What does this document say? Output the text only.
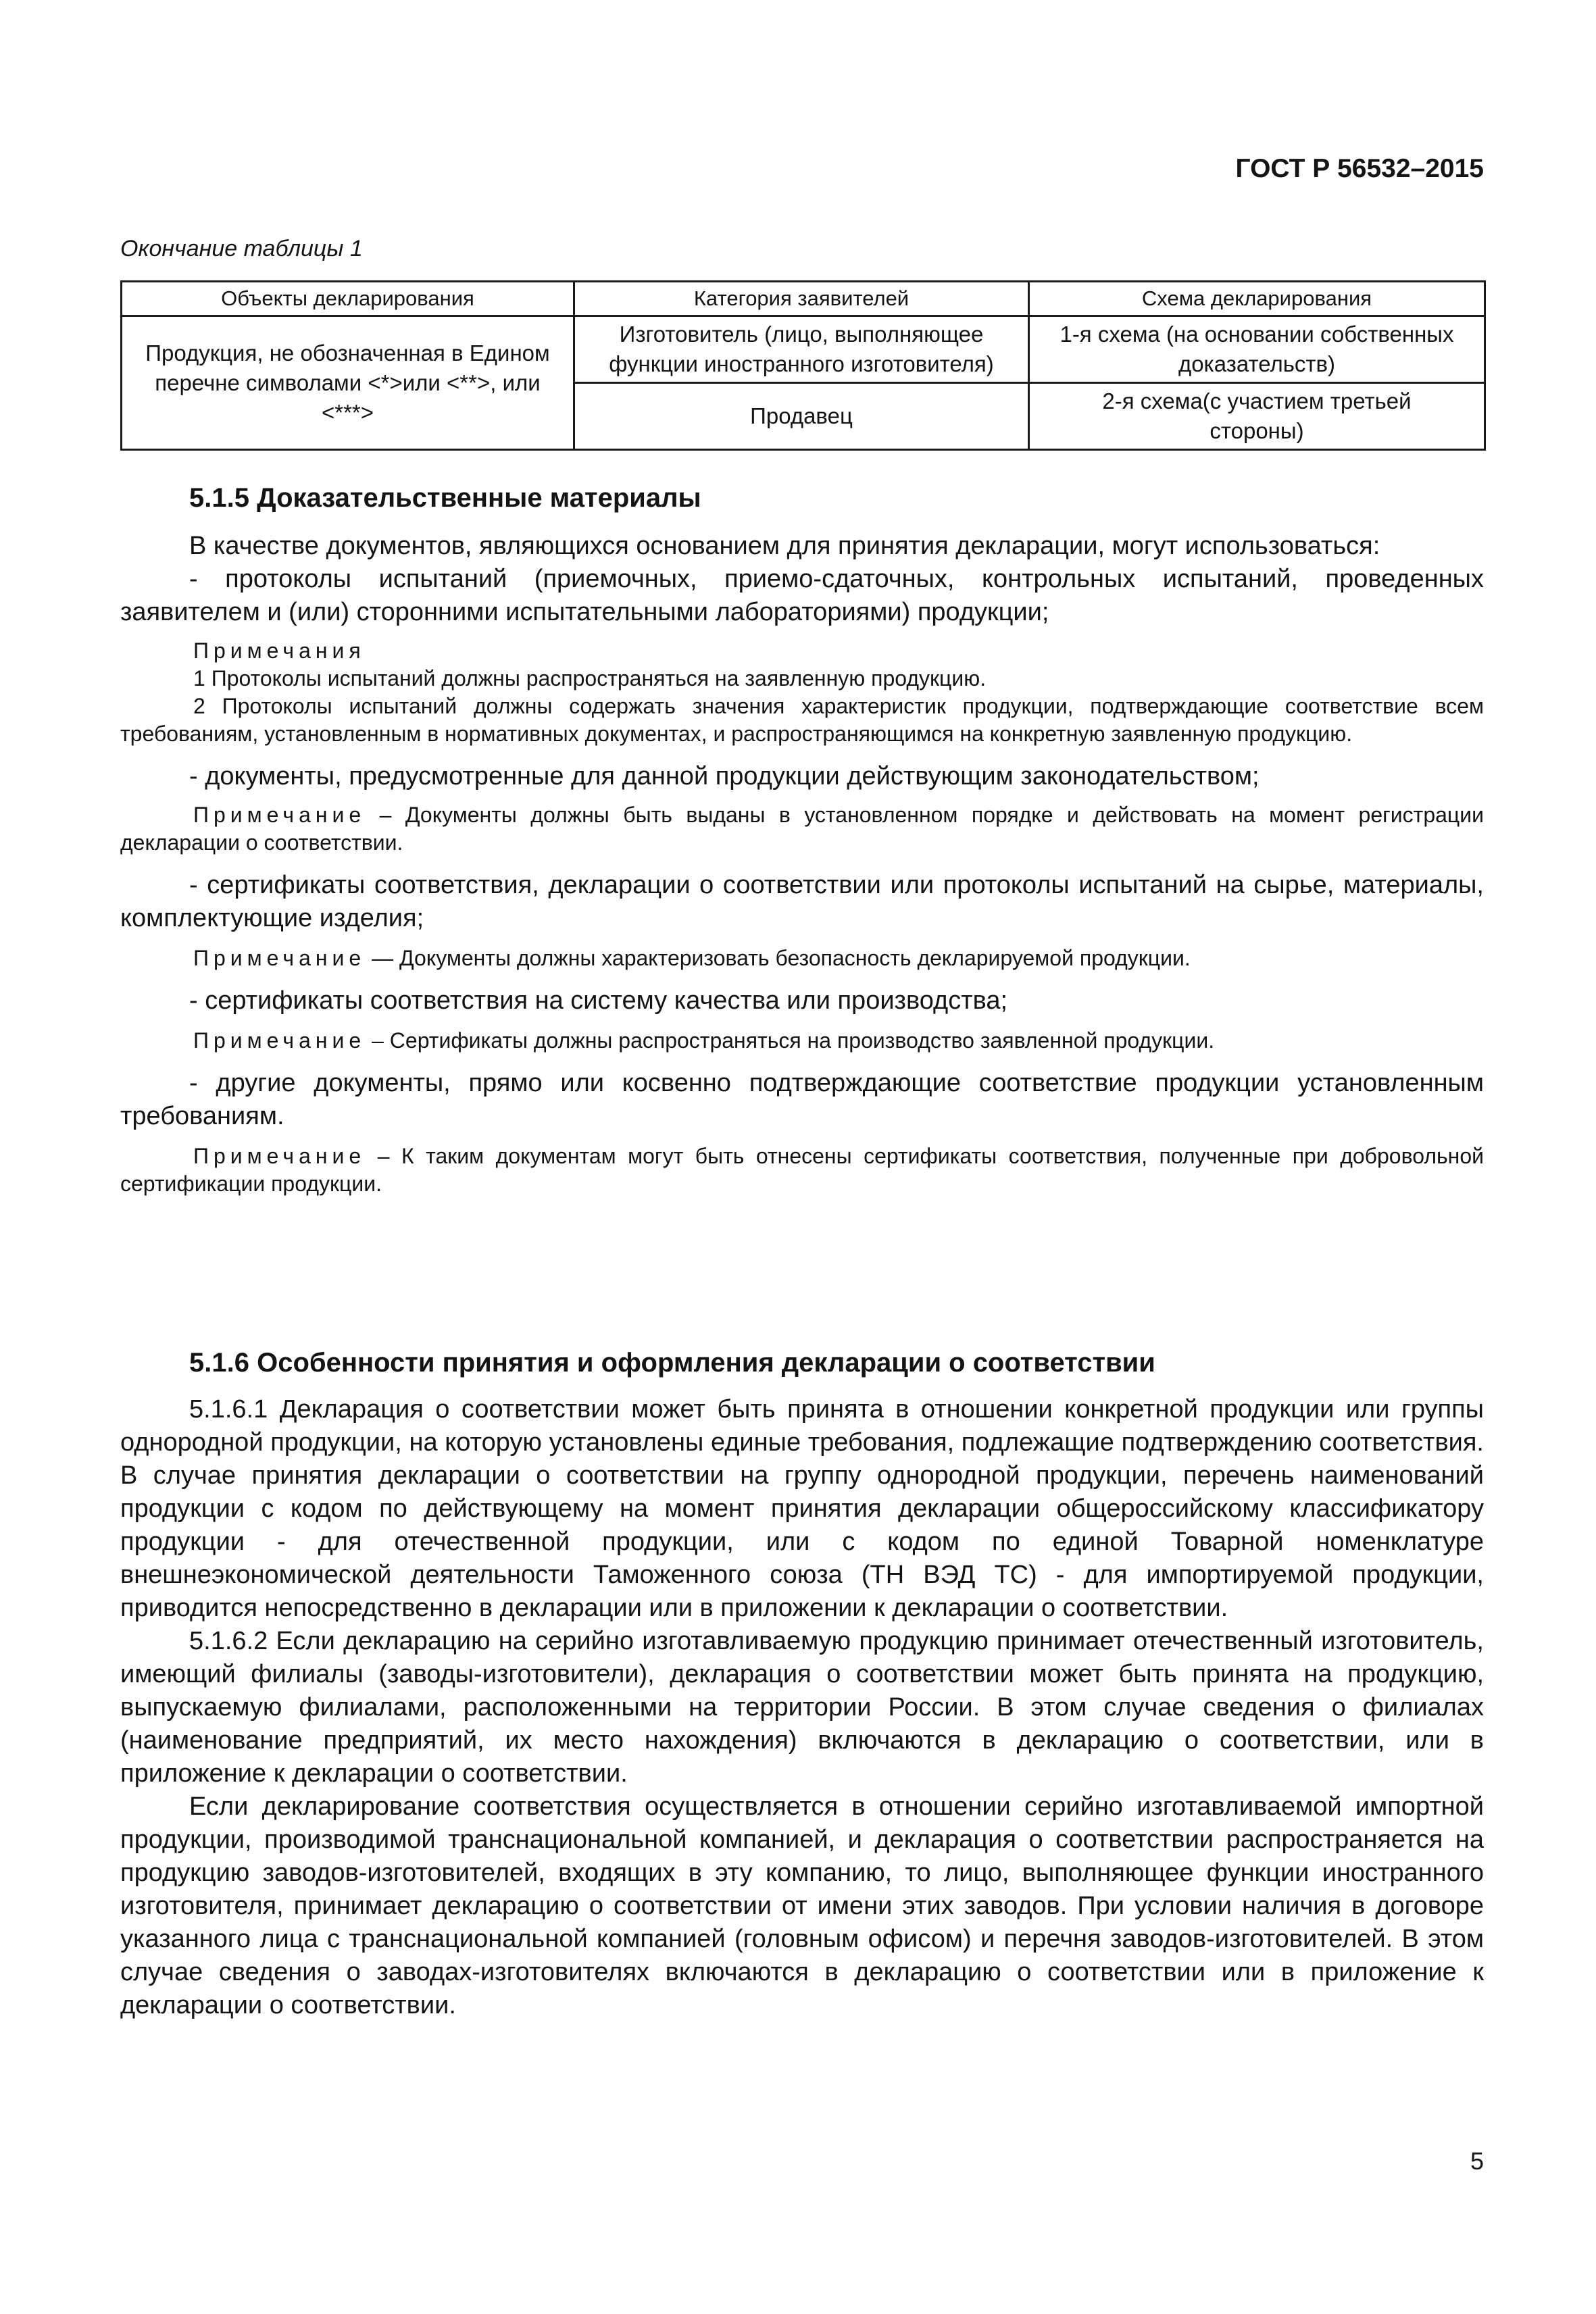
ГОСТ Р 56532–2015
Окончание таблицы 1
Объекты декларирования	Категория заявителей	Схема декларирования
Продукция, не обозначенная в Едином перечне символами <*>или <**>, или <***>	Изготовитель (лицо, выполняющее функции иностранного изготовителя)	1-я схема (на основании собственных доказательств)
	Продавец	2-я схема(с участием третьей стороны)
5.1.5 Доказательственные материалы

В качестве документов, являющихся основанием для принятия декларации, могут использоваться:

- протоколы испытаний (приемочных, приемо-сдаточных, контрольных испытаний, проведенных заявителем и (или) сторонними испытательными лабораториями) продукции;

Примечания

1 Протоколы испытаний должны распространяться на заявленную продукцию.

2 Протоколы испытаний должны содержать значения характеристик продукции, подтверждающие соответствие всем требованиям, установленным в нормативных документах, и распространяющимся на конкретную заявленную продукцию.

- документы, предусмотренные для данной продукции действующим законодательством;

Примечание – Документы должны быть выданы в установленном порядке и действовать на момент регистрации декларации о соответствии.

- сертификаты соответствия, декларации о соответствии или протоколы испытаний на сырье, материалы, комплектующие изделия;

Примечание — Документы должны характеризовать безопасность декларируемой продукции.

- сертификаты соответствия на систему качества или производства;

Примечание – Сертификаты должны распространяться на производство заявленной продукции.

- другие документы, прямо или косвенно подтверждающие соответствие продукции установленным требованиям.

Примечание – К таким документам могут быть отнесены сертификаты соответствия, полученные при добровольной сертификации продукции.

5.1.6 Особенности принятия и оформления декларации о соответствии

5.1.6.1 Декларация о соответствии может быть принята в отношении конкретной продукции или группы однородной продукции, на которую установлены единые требования, подлежащие подтверждению соответствия. В случае принятия декларации о соответствии на группу однородной продукции, перечень наименований продукции с кодом по действующему на момент принятия декларации общероссийскому классификатору продукции - для отечественной продукции, или с кодом по единой Товарной номенклатуре внешнеэкономической деятельности Таможенного союза (ТН ВЭД ТС) - для импортируемой продукции, приводится непосредственно в декларации или в приложении к декларации о соответствии.

5.1.6.2 Если декларацию на серийно изготавливаемую продукцию принимает отечественный изготовитель, имеющий филиалы (заводы-изготовители), декларация о соответствии может быть принята на продукцию, выпускаемую филиалами, расположенными на территории России. В этом случае сведения о филиалах (наименование предприятий, их место нахождения) включаются в декларацию о соответствии, или в приложение к декларации о соответствии.

Если декларирование соответствия осуществляется в отношении серийно изготавливаемой импортной продукции, производимой транснациональной компанией, и декларация о соответствии распространяется на продукцию заводов-изготовителей, входящих в эту компанию, то лицо, выполняющее функции иностранного изготовителя, принимает декларацию о соответствии от имени этих заводов. При условии наличия в договоре указанного лица с транснациональной компанией (головным офисом) и перечня заводов-изготовителей. В этом случае сведения о заводах-изготовителях включаются в декларацию о соответствии или в приложение к декларации о соответствии.

5
